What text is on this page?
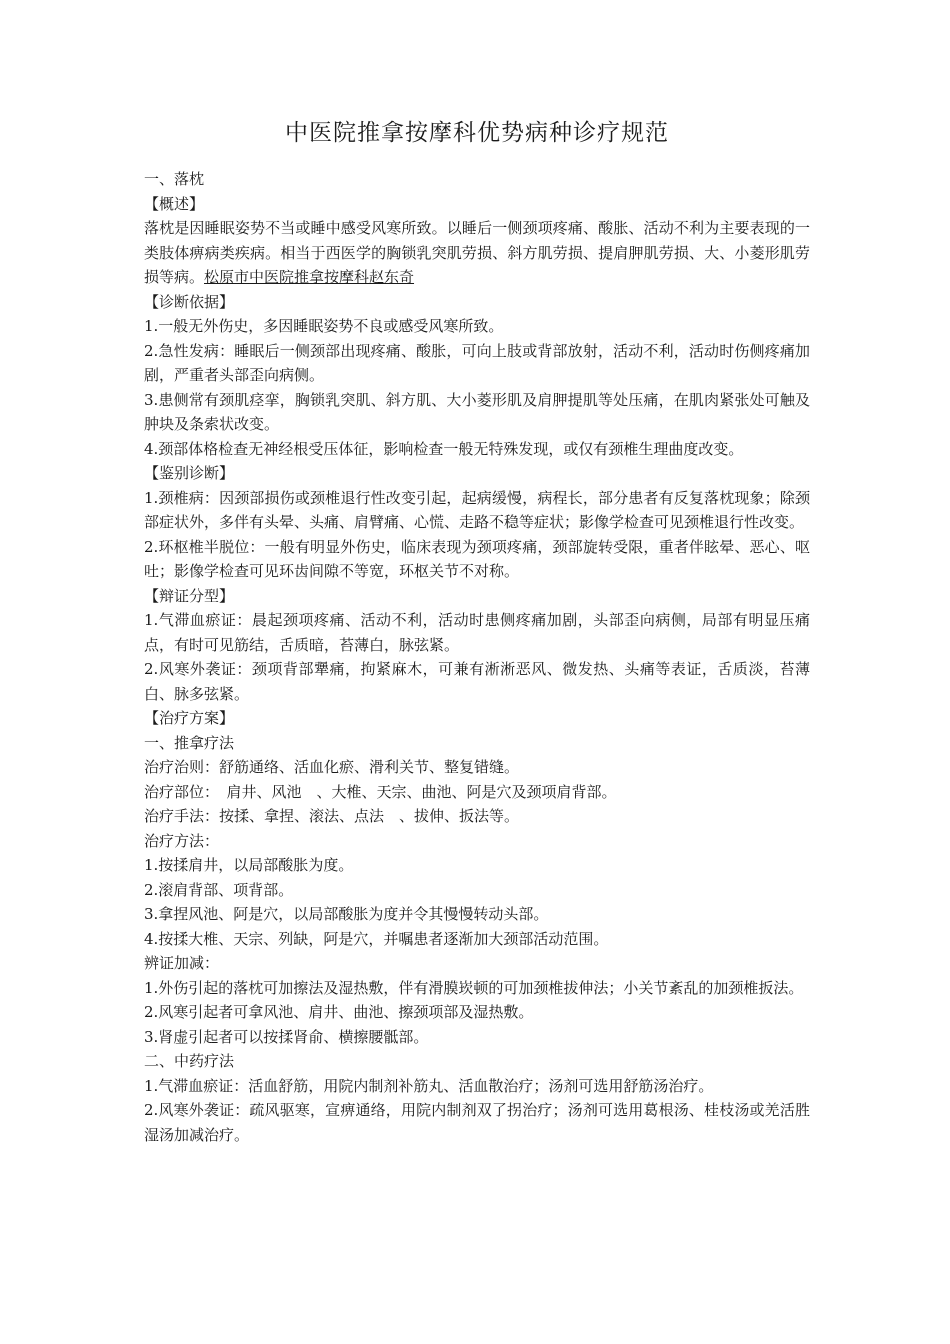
中医院推拿按摩科优势病种诊疗规范
一、落枕
【概述】
落枕是因睡眠姿势不当或睡中感受风寒所致。以睡后一侧颈项疼痛、酸胀、活动不利为主要表现的一类肢体痹病类疾病。相当于西医学的胸锁乳突肌劳损、斜方肌劳损、提肩胛肌劳损、大、小菱形肌劳损等病。松原市中医院推拿按摩科赵东奇
【诊断依据】
1.一般无外伤史，多因睡眠姿势不良或感受风寒所致。
2.急性发病：睡眠后一侧颈部出现疼痛、酸胀，可向上肢或背部放射，活动不利，活动时伤侧疼痛加剧，严重者头部歪向病侧。
3.患侧常有颈肌痉挛，胸锁乳突肌、斜方肌、大小菱形肌及肩胛提肌等处压痛，在肌肉紧张处可触及肿块及条索状改变。
4.颈部体格检查无神经根受压体征，影响检查一般无特殊发现，或仅有颈椎生理曲度改变。
【鉴别诊断】
1.颈椎病：因颈部损伤或颈椎退行性改变引起，起病缓慢，病程长，部分患者有反复落枕现象；除颈部症状外，多伴有头晕、头痛、肩臂痛、心慌、走路不稳等症状；影像学检查可见颈椎退行性改变。
2.环枢椎半脱位：一般有明显外伤史，临床表现为颈项疼痛，颈部旋转受限，重者伴眩晕、恶心、呕吐；影像学检查可见环齿间隙不等宽，环枢关节不对称。
【辩证分型】
1.气滞血瘀证：晨起颈项疼痛、活动不利，活动时患侧疼痛加剧，头部歪向病侧，局部有明显压痛点，有时可见筋结，舌质暗，苔薄白，脉弦紧。
2.风寒外袭证：颈项背部犟痛，拘紧麻木，可兼有淅淅恶风、微发热、头痛等表证，舌质淡，苔薄白、脉多弦紧。
【治疗方案】
一、推拿疗法
治疗治则：舒筋通络、活血化瘀、滑利关节、整复错缝。
治疗部位：　肩井、风池　、大椎、天宗、曲池、阿是穴及颈项肩背部。
治疗手法：按揉、拿捏、滚法、点法　、拔伸、扳法等。
治疗方法：
1.按揉肩井，以局部酸胀为度。
2.滚肩背部、项背部。
3.拿捏风池、阿是穴，以局部酸胀为度并令其慢慢转动头部。
4.按揉大椎、天宗、列缺，阿是穴，并嘱患者逐渐加大颈部活动范围。
辨证加减：
1.外伤引起的落枕可加擦法及湿热敷，伴有滑膜崁顿的可加颈椎拔伸法；小关节紊乱的加颈椎扳法。
2.风寒引起者可拿风池、肩井、曲池、擦颈项部及湿热敷。
3.肾虚引起者可以按揉肾俞、横擦腰骶部。
二、中药疗法
1.气滞血瘀证：活血舒筋，用院内制剂补筋丸、活血散治疗；汤剂可选用舒筋汤治疗。
2.风寒外袭证：疏风驱寒，宣痹通络，用院内制剂双了拐治疗；汤剂可选用葛根汤、桂枝汤或羌活胜湿汤加减治疗。
